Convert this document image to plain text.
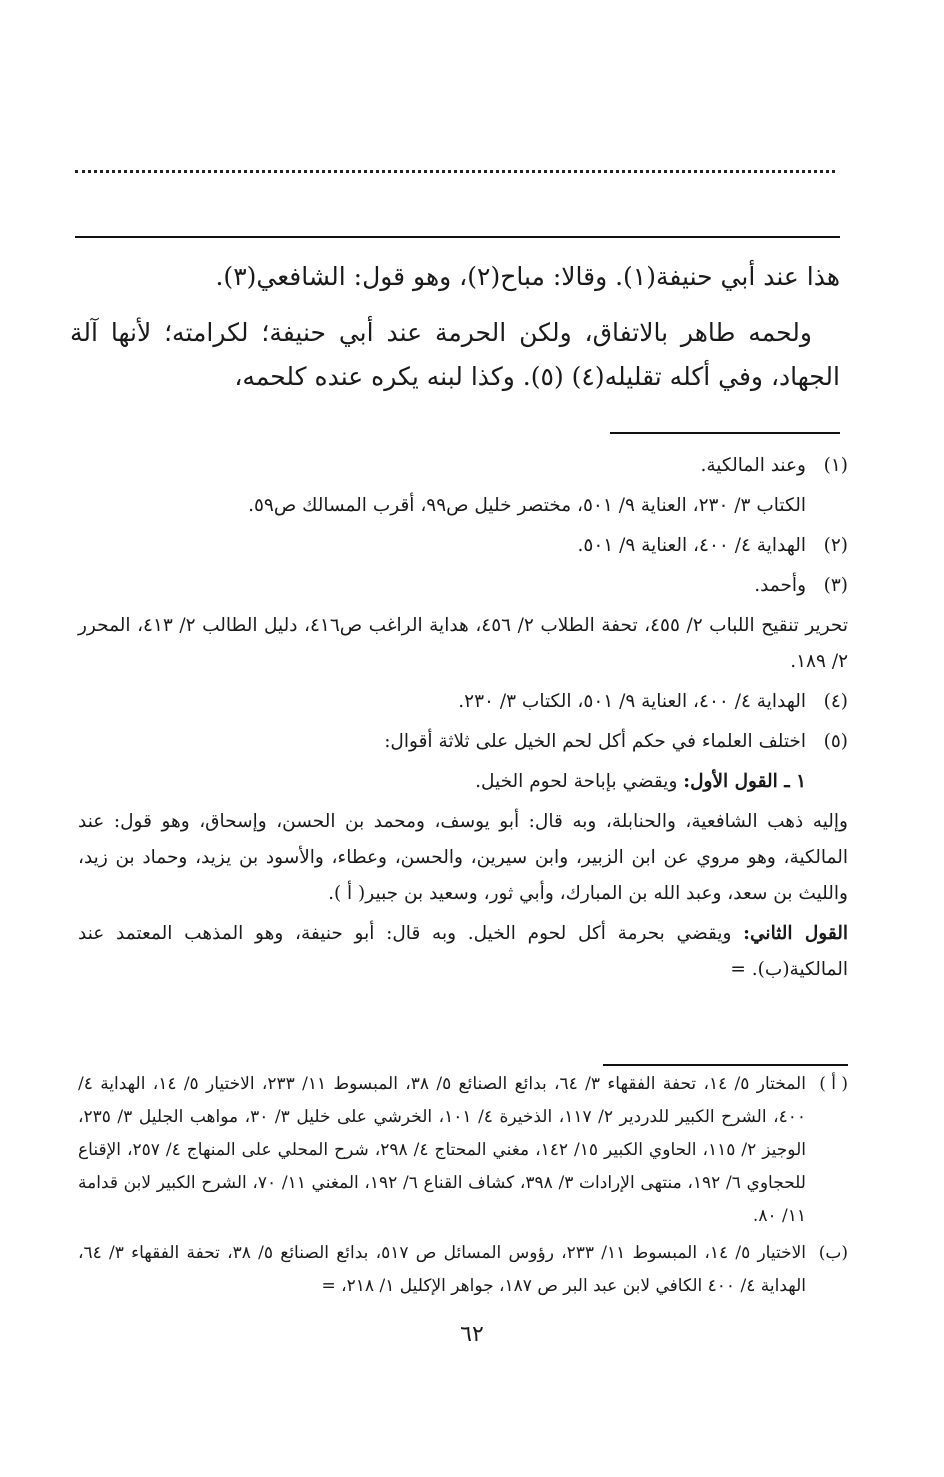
هذا عند أبي حنيفة(١). وقالا: مباح(٢)، وهو قول: الشافعي(٣).

ولحمه طاهر بالاتفاق، ولكن الحرمة عند أبي حنيفة؛ لكرامته؛ لأنها آلة الجهاد، وفي أكله تقليله(٤) (٥). وكذا لبنه يكره عنده كلحمه،

(١)

وعند المالكية.

الكتاب ٣/ ٢٣٠، العناية ٩/ ٥٠١، مختصر خليل ص٩٩، أقرب المسالك ص٥٩.

(٢)

الهداية ٤/ ٤٠٠، العناية ٩/ ٥٠١.

(٣)

وأحمد.

تحرير تنقيح اللباب ٢/ ٤٥٥، تحفة الطلاب ٢/ ٤٥٦، هداية الراغب ص٤١٦، دليل الطالب ٢/ ٤١٣، المحرر ٢/ ١٨٩.

(٤)

الهداية ٤/ ٤٠٠، العناية ٩/ ٥٠١، الكتاب ٣/ ٢٣٠.

(٥)

اختلف العلماء في حكم أكل لحم الخيل على ثلاثة أقوال:

١ ـ القول الأول: ويقضي بإباحة لحوم الخيل.

وإليه ذهب الشافعية، والحنابلة، وبه قال: أبو يوسف، ومحمد بن الحسن، وإسحاق، وهو قول: عند المالكية، وهو مروي عن ابن الزبير، وابن سيرين، والحسن، وعطاء، والأسود بن يزيد، وحماد بن زيد، والليث بن سعد، وعبد الله بن المبارك، وأبي ثور، وسعيد بن جبير( أ ).

القول الثاني: ويقضي بحرمة أكل لحوم الخيل. وبه قال: أبو حنيفة، وهو المذهب المعتمد عند المالكية(ب). =

( أ )

المختار ٥/ ١٤، تحفة الفقهاء ٣/ ٦٤، بدائع الصنائع ٥/ ٣٨، المبسوط ١١/ ٢٣٣، الاختيار ٥/ ١٤، الهداية ٤/ ٤٠٠، الشرح الكبير للدردير ٢/ ١١٧، الذخيرة ٤/ ١٠١، الخرشي على خليل ٣/ ٣٠، مواهب الجليل ٣/ ٢٣٥، الوجيز ٢/ ١١٥، الحاوي الكبير ١٥/ ١٤٢، مغني المحتاج ٤/ ٢٩٨، شرح المحلي على المنهاج ٤/ ٢٥٧، الإقناع للحجاوي ٦/ ١٩٢، منتهى الإرادات ٣/ ٣٩٨، كشاف القناع ٦/ ١٩٢، المغني ١١/ ٧٠، الشرح الكبير لابن قدامة ١١/ ٨٠.

(ب)

الاختيار ٥/ ١٤، المبسوط ١١/ ٢٣٣، رؤوس المسائل ص ٥١٧، بدائع الصنائع ٥/ ٣٨، تحفة الفقهاء ٣/ ٦٤، الهداية ٤/ ٤٠٠ الكافي لابن عبد البر ص ١٨٧، جواهر الإكليل ١/ ٢١٨، =

٦٢
